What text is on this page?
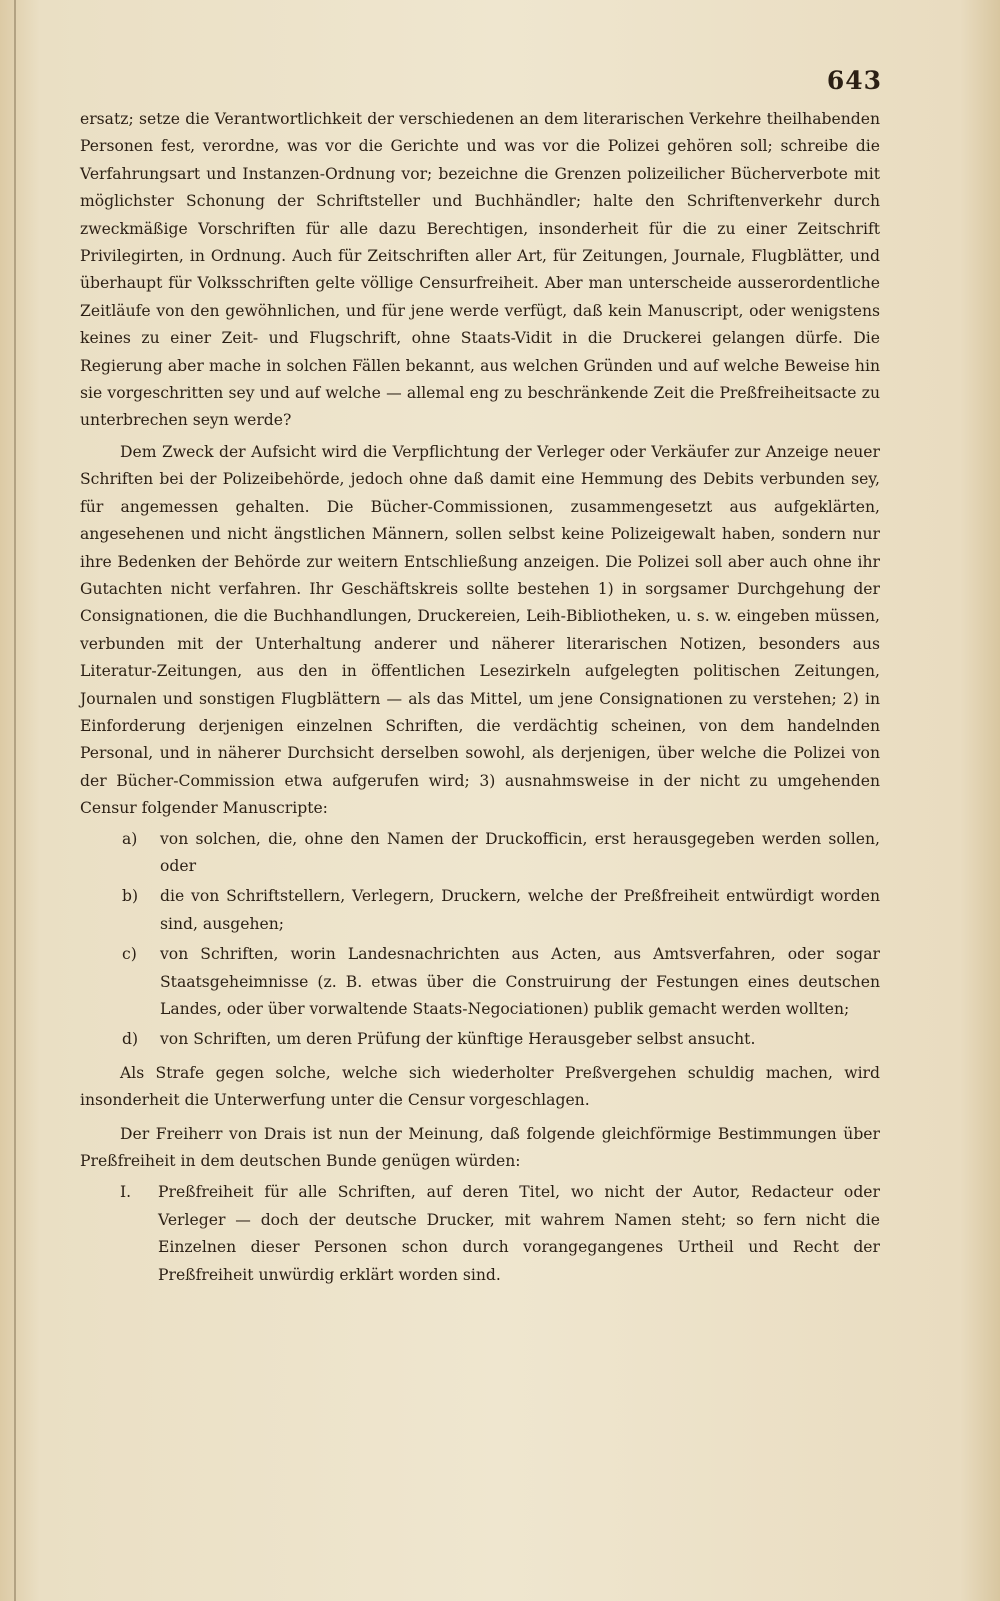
643

ersatz; setze die Verantwortlichkeit der verschiedenen an dem literarischen Verkehre theilhabenden Personen fest, verordne, was vor die Gerichte und was vor die Polizei gehören soll; schreibe die Verfahrungsart und Instanzen-Ordnung vor; bezeichne die Grenzen polizeilicher Bücherverbote mit möglichster Schonung der Schriftsteller und Buchhändler; halte den Schriftenverkehr durch zweckmäßige Vorschriften für alle dazu Berechtigen, insonderheit für die zu einer Zeitschrift Privilegirten, in Ordnung. Auch für Zeitschriften aller Art, für Zeitungen, Journale, Flugblätter, und überhaupt für Volksschriften gelte völlige Censurfreiheit. Aber man unterscheide ausserordentliche Zeitläufe von den gewöhnlichen, und für jene werde verfügt, daß kein Manuscript, oder wenigstens keines zu einer Zeit- und Flugschrift, ohne Staats-Vidit in die Druckerei gelangen dürfe. Die Regierung aber mache in solchen Fällen bekannt, aus welchen Gründen und auf welche Beweise hin sie vorgeschritten sey und auf welche — allemal eng zu beschränkende Zeit die Preßfreiheitsacte zu unterbrechen seyn werde?

Dem Zweck der Aufsicht wird die Verpflichtung der Verleger oder Verkäufer zur Anzeige neuer Schriften bei der Polizeibehörde, jedoch ohne daß damit eine Hemmung des Debits verbunden sey, für angemessen gehalten. Die Bücher-Commissionen, zusammengesetzt aus aufgeklärten, angesehenen und nicht ängstlichen Männern, sollen selbst keine Polizeigewalt haben, sondern nur ihre Bedenken der Behörde zur weitern Entschließung anzeigen. Die Polizei soll aber auch ohne ihr Gutachten nicht verfahren. Ihr Geschäftskreis sollte bestehen 1) in sorgsamer Durchgehung der Consignationen, die die Buchhandlungen, Druckereien, Leih-Bibliotheken, u. s. w. eingeben müssen, verbunden mit der Unterhaltung anderer und näherer literarischen Notizen, besonders aus Literatur-Zeitungen, aus den in öffentlichen Lesezirkeln aufgelegten politischen Zeitungen, Journalen und sonstigen Flugblättern — als das Mittel, um jene Consignationen zu verstehen; 2) in Einforderung derjenigen einzelnen Schriften, die verdächtig scheinen, von dem handelnden Personal, und in näherer Durchsicht derselben sowohl, als derjenigen, über welche die Polizei von der Bücher-Commission etwa aufgerufen wird; 3) ausnahmsweise in der nicht zu umgehenden Censur folgender Manuscripte:

a)	von solchen, die, ohne den Namen der Druckofficin, erst herausgegeben werden sollen, oder
b)	die von Schriftstellern, Verlegern, Druckern, welche der Preßfreiheit entwürdigt worden sind, ausgehen;
c)	von Schriften, worin Landesnachrichten aus Acten, aus Amtsverfahren, oder sogar Staatsgeheimnisse (z. B. etwas über die Construirung der Festungen eines deutschen Landes, oder über vorwaltende Staats-Negociationen) publik gemacht werden wollten;
d)	von Schriften, um deren Prüfung der künftige Herausgeber selbst ansucht.

Als Strafe gegen solche, welche sich wiederholter Preßvergehen schuldig machen, wird insonderheit die Unterwerfung unter die Censur vorgeschlagen.

Der Freiherr von Drais ist nun der Meinung, daß folgende gleichförmige Bestimmungen über Preßfreiheit in dem deutschen Bunde genügen würden:

I.	Preßfreiheit für alle Schriften, auf deren Titel, wo nicht der Autor, Redacteur oder Verleger — doch der deutsche Drucker, mit wahrem Namen steht; so fern nicht die Einzelnen dieser Personen schon durch vorangegangenes Urtheil und Recht der Preßfreiheit unwürdig erklärt worden sind.
